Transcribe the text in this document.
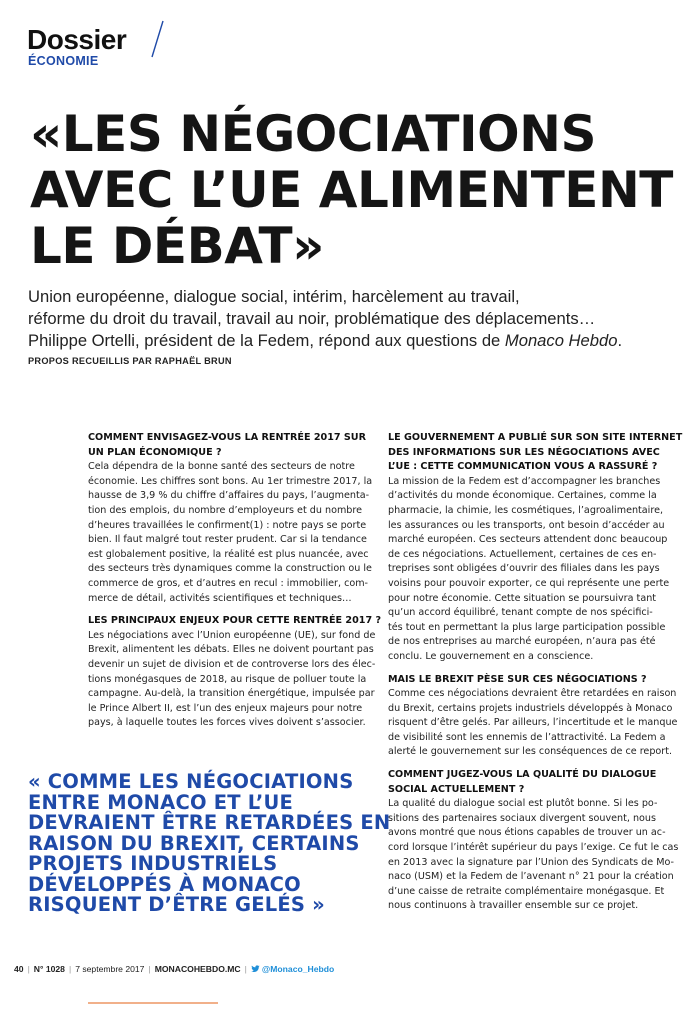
Dossier
ÉCONOMIE
«LES NÉGOCIATIONS
AVEC L’UE ALIMENTENT
LE DÉBAT»
Union européenne, dialogue social, intérim, harcèlement au travail,
réforme du droit du travail, travail au noir, problématique des déplacements…
Philippe Ortelli, président de la Fedem, répond aux questions de Monaco Hebdo.
PROPOS RECUEILLIS PAR RAPHAËL BRUN
COMMENT ENVISAGEZ-VOUS LA RENTRÉE 2017 SUR
UN PLAN ÉCONOMIQUE ?
Cela dépendra de la bonne santé des secteurs de notre
économie. Les chiffres sont bons. Au 1er trimestre 2017, la
hausse de 3,9 % du chiffre d’affaires du pays, l’augmenta-
tion des emplois, du nombre d’employeurs et du nombre
d’heures travaillées le confirment(1) : notre pays se porte
bien. Il faut malgré tout rester prudent. Car si la tendance
est globalement positive, la réalité est plus nuancée, avec
des secteurs très dynamiques comme la construction ou le
commerce de gros, et d’autres en recul : immobilier, com-
merce de détail, activités scientifiques et techniques…
LES PRINCIPAUX ENJEUX POUR CETTE RENTRÉE 2017 ?
Les négociations avec l’Union européenne (UE), sur fond de
Brexit, alimentent les débats. Elles ne doivent pourtant pas
devenir un sujet de division et de controverse lors des élec-
tions monégasques de 2018, au risque de polluer toute la
campagne. Au-delà, la transition énergétique, impulsée par
le Prince Albert II, est l’un des enjeux majeurs pour notre
pays, à laquelle toutes les forces vives doivent s’associer.
LE GOUVERNEMENT A PUBLIÉ SUR SON SITE INTERNET
DES INFORMATIONS SUR LES NÉGOCIATIONS AVEC
L’UE : CETTE COMMUNICATION VOUS A RASSURÉ ?
La mission de la Fedem est d’accompagner les branches
d’activités du monde économique. Certaines, comme la
pharmacie, la chimie, les cosmétiques, l’agroalimentaire,
les assurances ou les transports, ont besoin d’accéder au
marché européen. Ces secteurs attendent donc beaucoup
de ces négociations. Actuellement, certaines de ces en-
treprises sont obligées d’ouvrir des filiales dans les pays
voisins pour pouvoir exporter, ce qui représente une perte
pour notre économie. Cette situation se poursuivra tant
qu’un accord équilibré, tenant compte de nos spécifici-
tés tout en permettant la plus large participation possible
de nos entreprises au marché européen, n’aura pas été
conclu. Le gouvernement en a conscience.
MAIS LE BREXIT PÈSE SUR CES NÉGOCIATIONS ?
Comme ces négociations devraient être retardées en raison
du Brexit, certains projets industriels développés à Monaco
risquent d’être gelés. Par ailleurs, l’incertitude et le manque
de visibilité sont les ennemis de l’attractivité. La Fedem a
alerté le gouvernement sur les conséquences de ce report.
COMMENT JUGEZ-VOUS LA QUALITÉ DU DIALOGUE
SOCIAL ACTUELLEMENT ?
La qualité du dialogue social est plutôt bonne. Si les po-
sitions des partenaires sociaux divergent souvent, nous
avons montré que nous étions capables de trouver un ac-
cord lorsque l’intérêt supérieur du pays l’exige. Ce fut le cas
en 2013 avec la signature par l’Union des Syndicats de Mo-
naco (USM) et la Fedem de l’avenant n° 21 pour la création
d’une caisse de retraite complémentaire monégasque. Et
nous continuons à travailler ensemble sur ce projet.
« COMME LES NÉGOCIATIONS
ENTRE MONACO ET L’UE
DEVRAIENT ÊTRE RETARDÉES EN
RAISON DU BREXIT, CERTAINS
PROJETS INDUSTRIELS
DÉVELOPPÉS À MONACO
RISQUENT D’ÊTRE GELÉS »
40 | N° 1028 | 7 septembre 2017 | MONACOHEBDO.MC | @Monaco_Hebdo
